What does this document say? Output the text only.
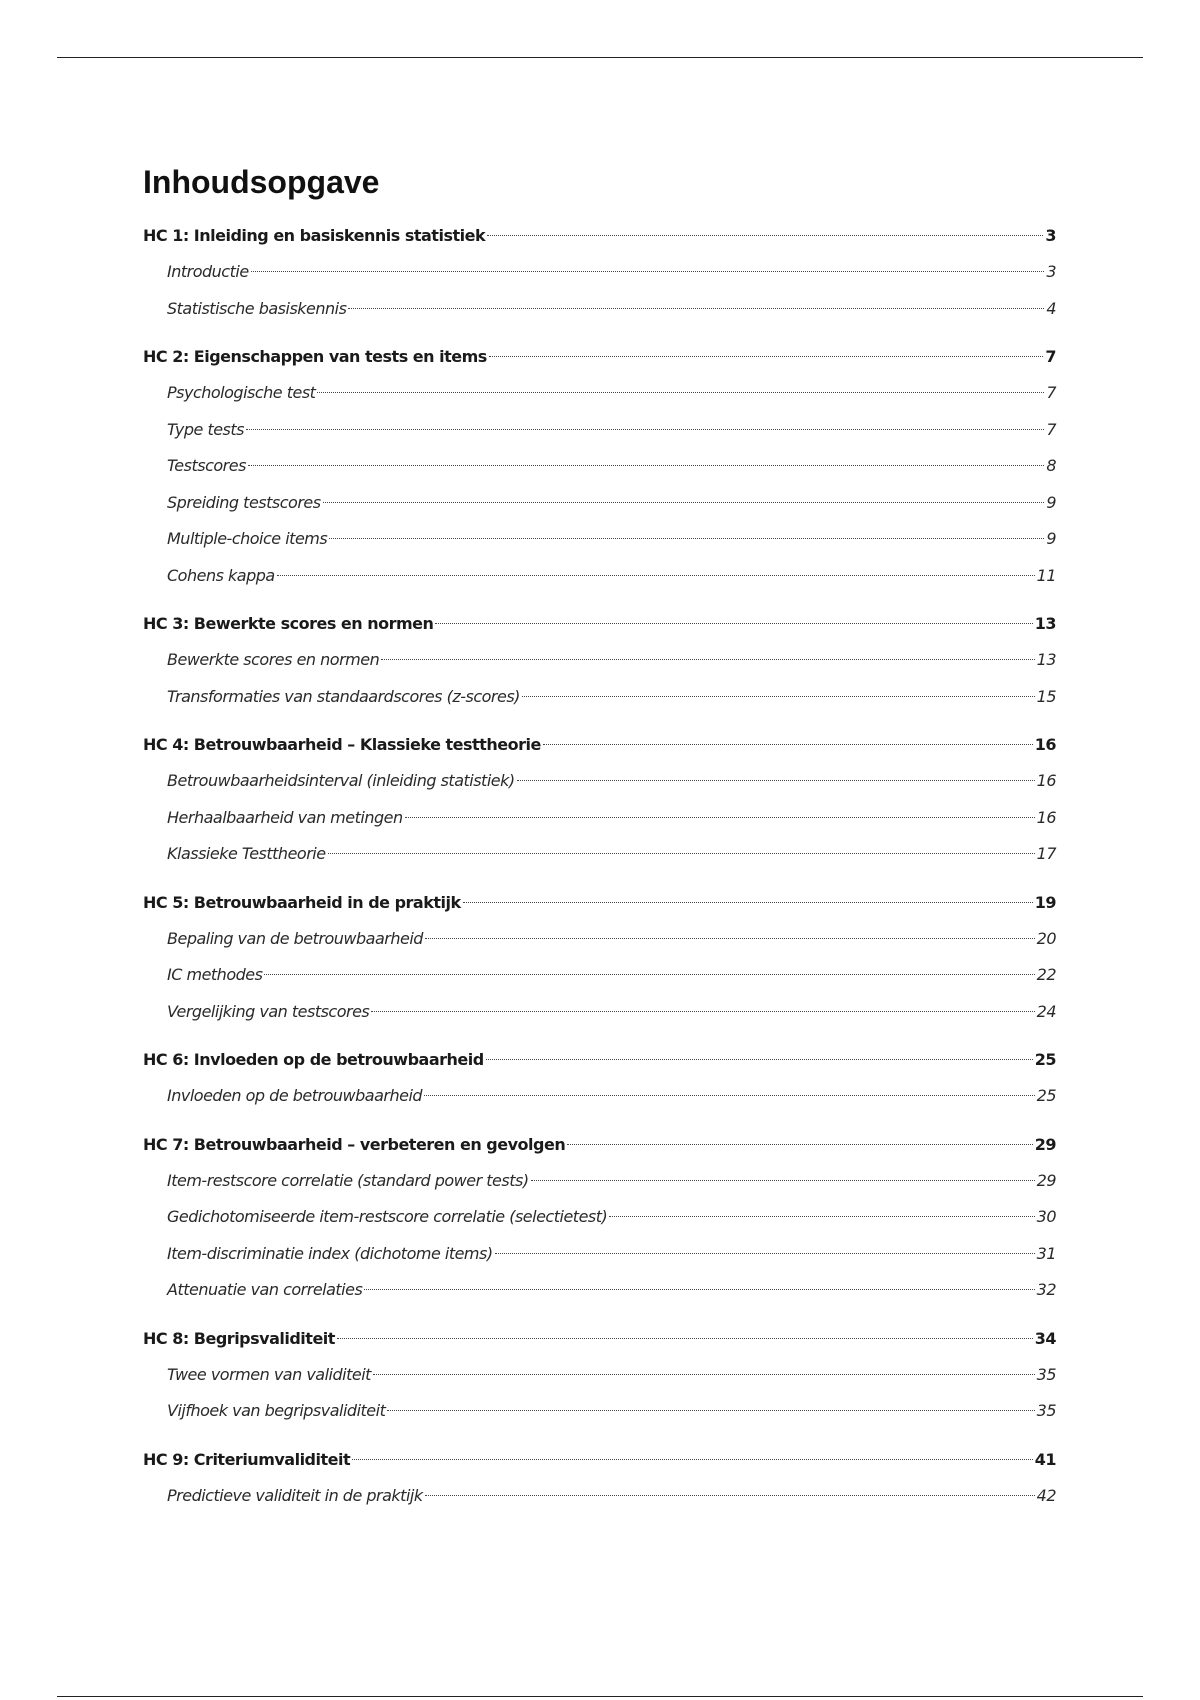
Inhoudsopgave
HC 1: Inleiding en basiskennis statistiek	3
Introductie	3
Statistische basiskennis	4
HC 2: Eigenschappen van tests en items	7
Psychologische test	7
Type tests	7
Testscores	8
Spreiding testscores	9
Multiple-choice items	9
Cohens kappa	11
HC 3: Bewerkte scores en normen	13
Bewerkte scores en normen	13
Transformaties van standaardscores (z-scores)	15
HC 4: Betrouwbaarheid – Klassieke testtheorie	16
Betrouwbaarheidsinterval (inleiding statistiek)	16
Herhaalbaarheid van metingen	16
Klassieke Testtheorie	17
HC 5: Betrouwbaarheid in de praktijk	19
Bepaling van de betrouwbaarheid	20
IC methodes	22
Vergelijking van testscores	24
HC 6: Invloeden op de betrouwbaarheid	25
Invloeden op de betrouwbaarheid	25
HC 7: Betrouwbaarheid – verbeteren en gevolgen	29
Item-restscore correlatie (standard power tests)	29
Gedichotomiseerde item-restscore correlatie (selectietest)	30
Item-discriminatie index (dichotome items)	31
Attenuatie van correlaties	32
HC 8: Begripsvaliditeit	34
Twee vormen van validiteit	35
Vijfhoek van begripsvaliditeit	35
HC 9: Criteriumvaliditeit	41
Predictieve validiteit in de praktijk	42
